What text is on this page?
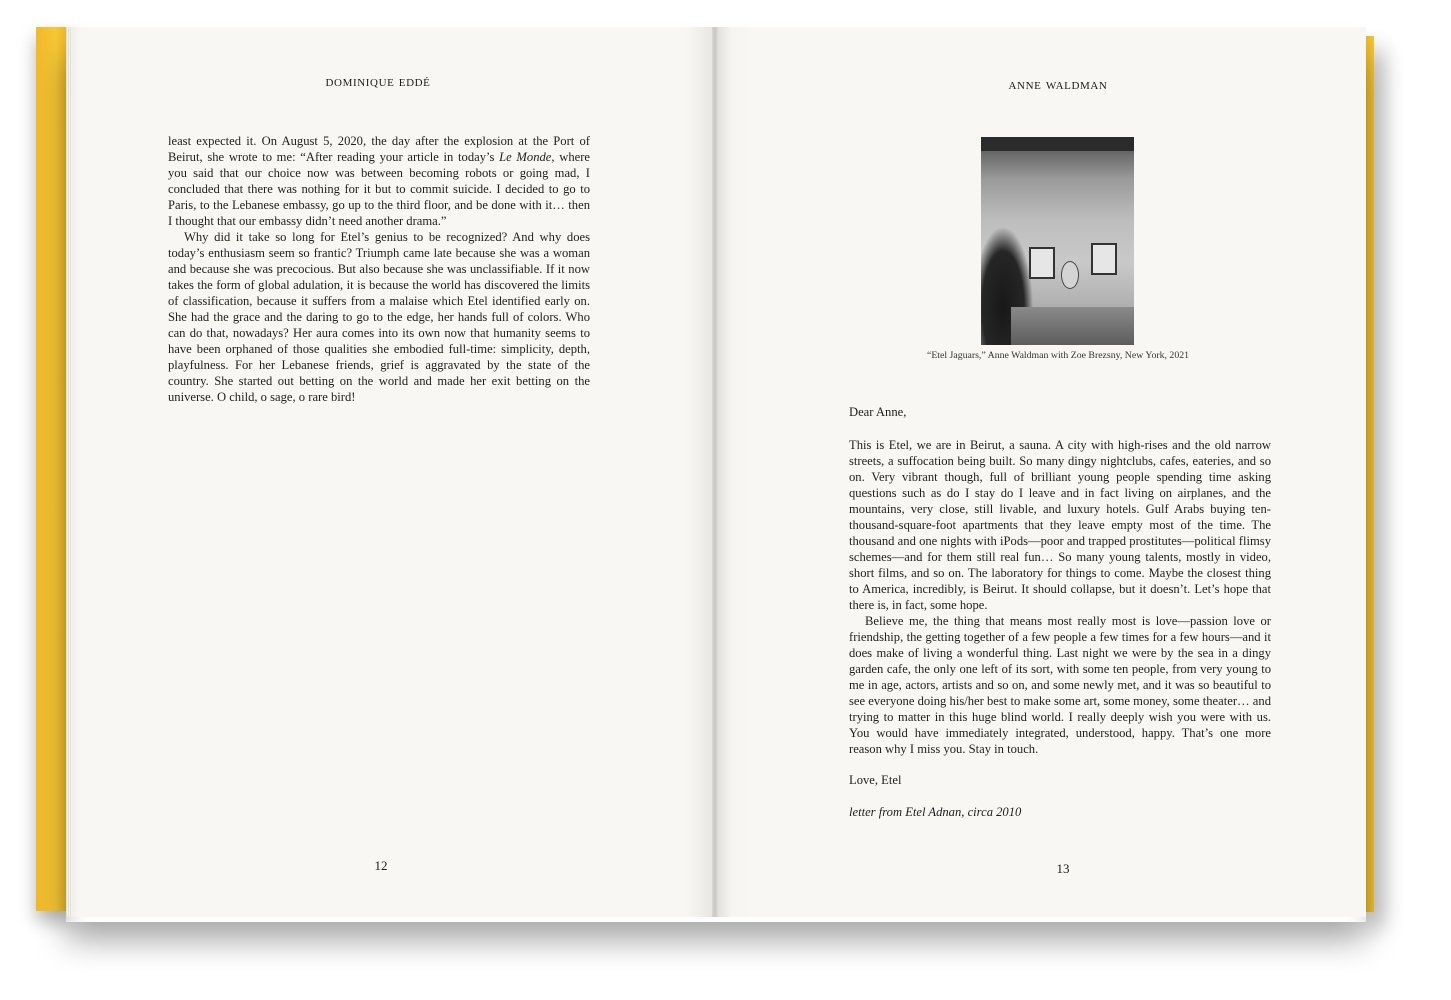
dominique eddé

least expected it. On August 5, 2020, the day after the explosion at the Port of Beirut, she wrote to me: “After reading your article in today’s Le Monde, where you said that our choice now was between becoming robots or going mad, I concluded that there was nothing for it but to commit suicide. I decided to go to Paris, to the Lebanese embassy, go up to the third floor, and be done with it… then I thought that our embassy didn’t need another drama.”

Why did it take so long for Etel’s genius to be recognized? And why does today’s enthusiasm seem so frantic? Triumph came late because she was a woman and because she was precocious. But also because she was unclassifiable. If it now takes the form of global adulation, it is because the world has discovered the limits of classification, because it suffers from a malaise which Etel identified early on. She had the grace and the daring to go to the edge, her hands full of colors. Who can do that, nowadays? Her aura comes into its own now that humanity seems to have been orphaned of those qualities she embodied full-time: simplicity, depth, playfulness. For her Lebanese friends, grief is aggravated by the state of the country. She started out betting on the world and made her exit betting on the universe. O child, o sage, o rare bird!

12
anne waldman
“Etel Jaguars,” Anne Waldman with Zoe Brezsny, New York, 2021
Dear Anne,

This is Etel, we are in Beirut, a sauna. A city with high-rises and the old narrow streets, a suffocation being built. So many dingy nightclubs, cafes, eateries, and so on. Very vibrant though, full of brilliant young people spending time asking questions such as do I stay do I leave and in fact living on airplanes, and the mountains, very close, still livable, and luxury hotels. Gulf Arabs buying ten-thousand-square-foot apartments that they leave empty most of the time. The thousand and one nights with iPods—poor and trapped prostitutes—political flimsy schemes—and for them still real fun… So many young talents, mostly in video, short films, and so on. The laboratory for things to come. Maybe the closest thing to America, incredibly, is Beirut. It should collapse, but it doesn’t. Let’s hope that there is, in fact, some hope.

Believe me, the thing that means most really most is love—passion love or friendship, the getting together of a few people a few times for a few hours—and it does make of living a wonderful thing. Last night we were by the sea in a dingy garden cafe, the only one left of its sort, with some ten people, from very young to me in age, actors, artists and so on, and some newly met, and it was so beautiful to see everyone doing his/her best to make some art, some money, some theater… and trying to matter in this huge blind world. I really deeply wish you were with us. You would have immediately integrated, understood, happy. That’s one more reason why I miss you. Stay in touch.

Love, Etel
letter from Etel Adnan, circa 2010
13
